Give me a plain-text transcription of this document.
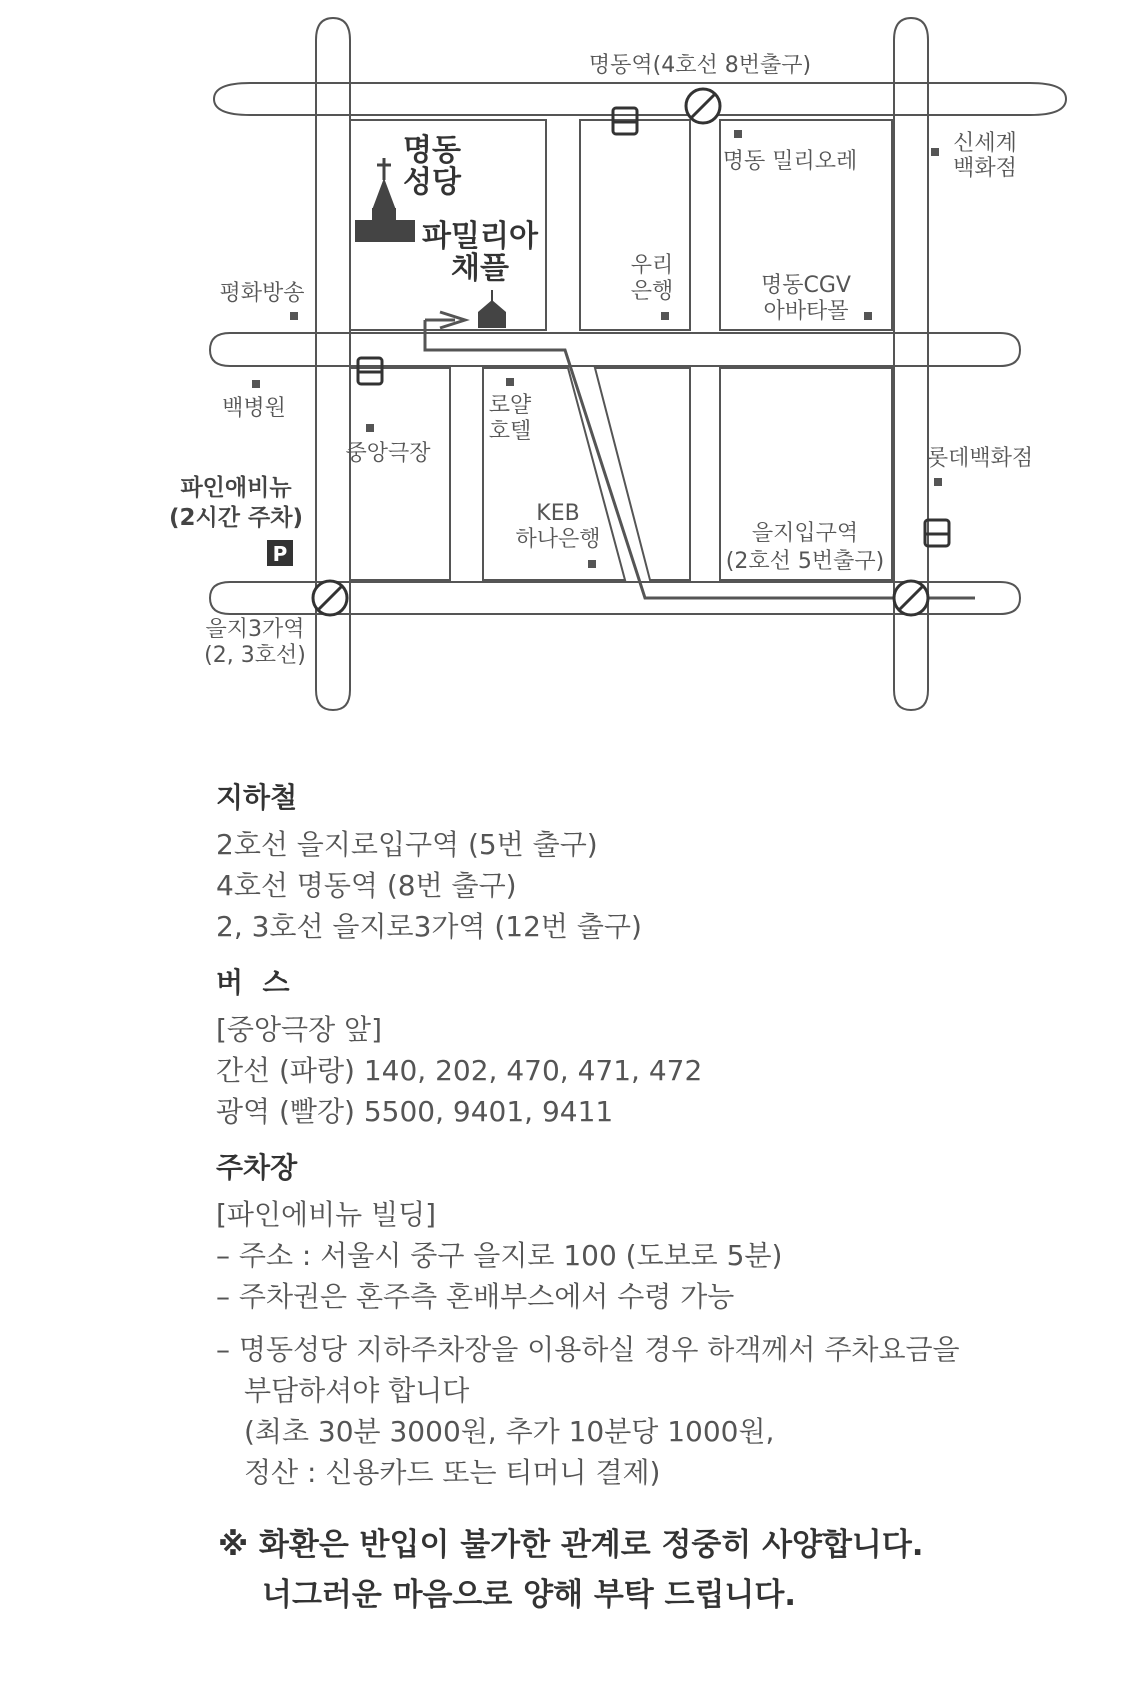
P
명동역(4호선 8번출구)
신세계 백화점
명동 밀리오레
명동 성당
파밀리아 채플	우리 은행	명동CGV 아바타몰
평화방송
백병원
중앙극장
로얄 호텔
롯데백화점
파인애비뉴 (2시간 주차)	KEB 하나은행	을지입구역 (2호선 5번출구)
을지3가역 (2, 3호선)

지하철

2호선 을지로입구역 (5번 출구)

4호선 명동역 (8번 출구)

2, 3호선 을지로3가역 (12번 출구)

버  스

[중앙극장 앞]

간선 (파랑) 140, 202, 470, 471, 472

광역 (빨강) 5500, 9401, 9411

주차장

[파인에비뉴 빌딩]

– 주소 : 서울시 중구 을지로 100 (도보로 5분)

– 주차권은 혼주측 혼배부스에서 수령 가능

– 명동성당 지하주차장을 이용하실 경우 하객께서 주차요금을

부담하셔야 합니다

(최초 30분 3000원, 추가 10분당 1000원,

정산 : 신용카드 또는 티머니 결제)

※ 화환은 반입이 불가한 관계로 정중히 사양합니다.

너그러운 마음으로 양해 부탁 드립니다.
